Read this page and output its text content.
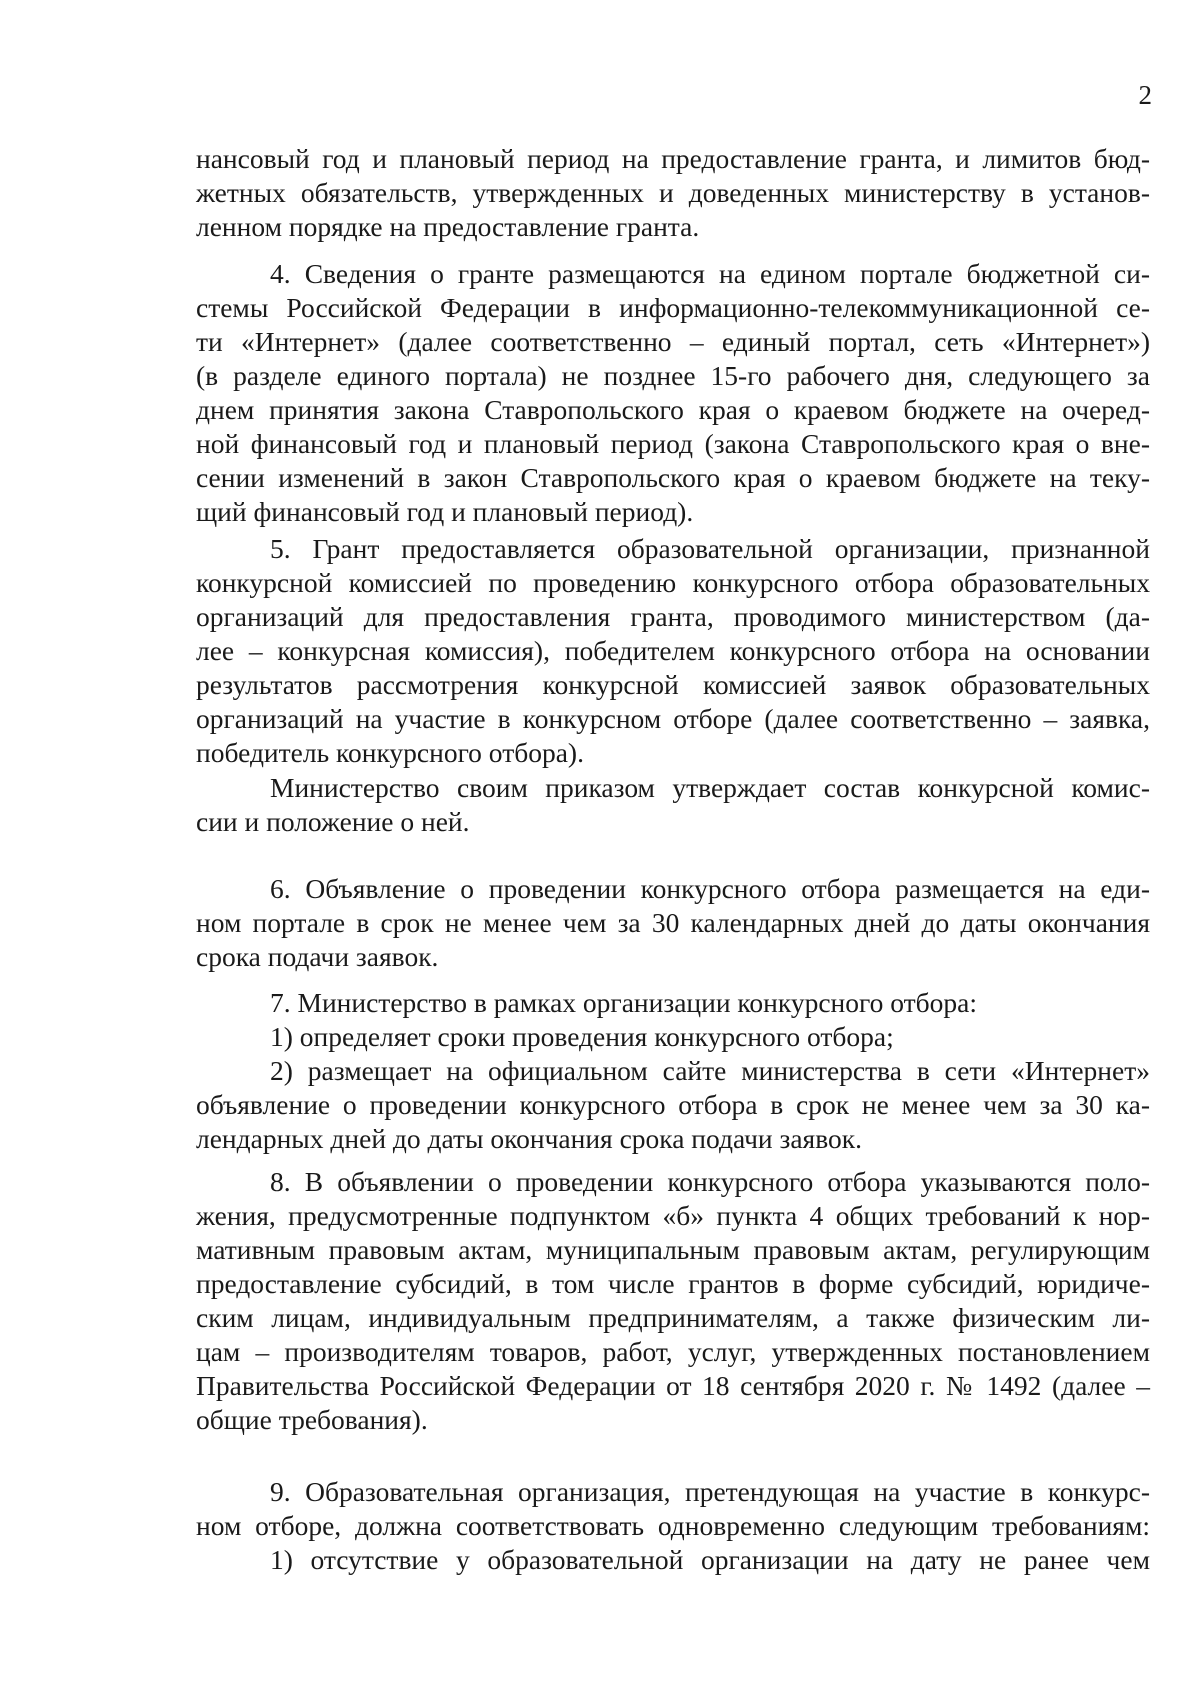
2
нансовый год и плановый период на предоставление гранта, и лимитов бюд-
жетных обязательств, утвержденных и доведенных министерству в установ-
ленном порядке на предоставление гранта.
4. Сведения о гранте размещаются на едином портале бюджетной си-
стемы Российской Федерации в информационно-телекоммуникационной се-
ти «Интернет» (далее соответственно – единый портал, сеть «Интернет»)
(в разделе единого портала) не позднее 15-го рабочего дня, следующего за
днем принятия закона Ставропольского края о краевом бюджете на очеред-
ной финансовый год и плановый период (закона Ставропольского края о вне-
сении изменений в закон Ставропольского края о краевом бюджете на теку-
щий финансовый год и плановый период).
5. Грант предоставляется образовательной организации, признанной
конкурсной комиссией по проведению конкурсного отбора образовательных
организаций для предоставления гранта, проводимого министерством (да-
лее – конкурсная комиссия), победителем конкурсного отбора на основании
результатов рассмотрения конкурсной комиссией заявок образовательных
организаций на участие в конкурсном отборе (далее соответственно – заявка,
победитель конкурсного отбора).
Министерство своим приказом утверждает состав конкурсной комис-
сии и положение о ней.
6. Объявление о проведении конкурсного отбора размещается на еди-
ном портале в срок не менее чем за 30 календарных дней до даты окончания
срока подачи заявок.
7. Министерство в рамках организации конкурсного отбора:
1) определяет сроки проведения конкурсного отбора;
2) размещает на официальном сайте министерства в сети «Интернет»
объявление о проведении конкурсного отбора в срок не менее чем за 30 ка-
лендарных дней до даты окончания срока подачи заявок.
8. В объявлении о проведении конкурсного отбора указываются поло-
жения, предусмотренные подпунктом «б» пункта 4 общих требований к нор-
мативным правовым актам, муниципальным правовым актам, регулирующим
предоставление субсидий, в том числе грантов в форме субсидий, юридиче-
ским лицам, индивидуальным предпринимателям, а также физическим ли-
цам – производителям товаров, работ, услуг, утвержденных постановлением
Правительства Российской Федерации от 18 сентября 2020 г. № 1492 (далее –
общие требования).
9. Образовательная организация, претендующая на участие в конкурс-
ном отборе, должна соответствовать одновременно следующим требованиям:
1) отсутствие у образовательной организации на дату не ранее чем
